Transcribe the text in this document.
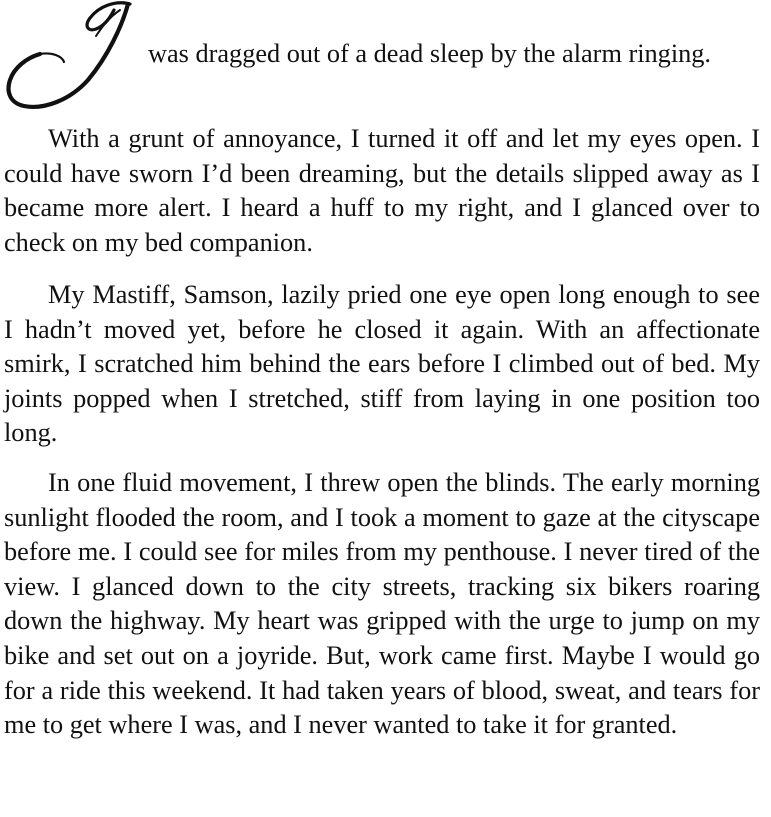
was dragged out of a dead sleep by the alarm ringing.

With a grunt of annoyance, I turned it off and let my eyes open. I could have sworn I’d been dreaming, but the details slipped away as I became more alert. I heard a huff to my right, and I glanced over to check on my bed companion.

My Mastiff, Samson, lazily pried one eye open long enough to see I hadn’t moved yet, before he closed it again. With an affectionate smirk, I scratched him behind the ears before I climbed out of bed. My joints popped when I stretched, stiff from laying in one position too long.

In one fluid movement, I threw open the blinds. The early morning sunlight flooded the room, and I took a moment to gaze at the cityscape before me. I could see for miles from my penthouse. I never tired of the view. I glanced down to the city streets, tracking six bikers roaring down the highway. My heart was gripped with the urge to jump on my bike and set out on a joyride. But, work came first. Maybe I would go for a ride this weekend. It had taken years of blood, sweat, and tears for me to get where I was, and I never wanted to take it for granted.
